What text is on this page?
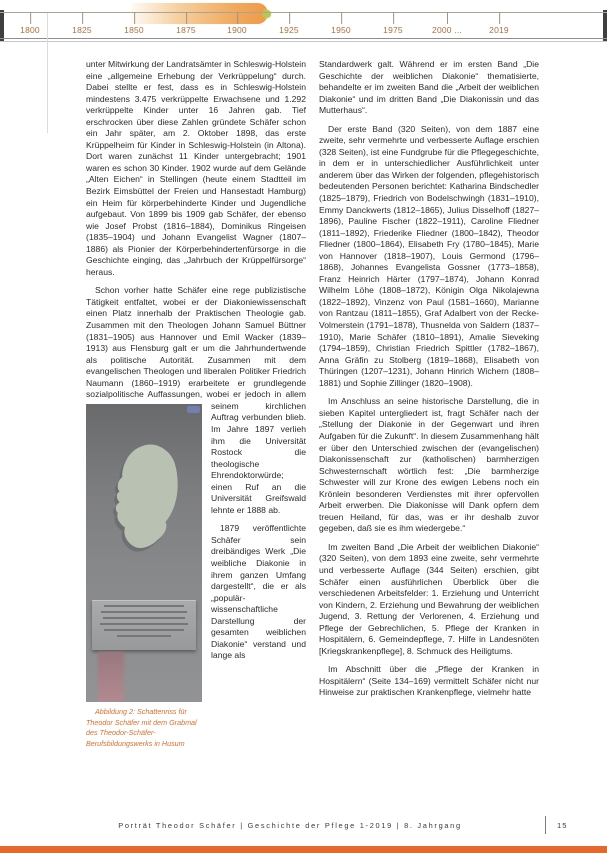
1800	1825	1850	1875	1900	1925	1950	1975	2000 ...	2019
unter Mitwirkung der Landratsämter in Schleswig-Holstein eine „allgemeine Erhebung der Verkrüppelung“ durch. Dabei stellte er fest, dass es in Schleswig-Holstein mindestens 3.475 verkrüppelte Erwachsene und 1.292 verkrüppelte Kinder unter 16 Jahren gab. Tief erschrocken über diese Zahlen gründete Schäfer schon ein Jahr später, am 2. Oktober 1898, das erste Krüppelheim für Kinder in Schleswig-Holstein (in Altona). Dort waren zunächst 11 Kinder untergebracht; 1901 waren es schon 30 Kinder. 1902 wurde auf dem Gelände „Alten Eichen“ in Stellingen (heute einem Stadtteil im Bezirk Eimsbüttel der Freien und Hansestadt Hamburg) ein Heim für körperbehinderte Kinder und Jugendliche aufgebaut. Von 1899 bis 1909 gab Schäfer, der ebenso wie Josef Probst (1816–1884), Dominikus Ringeisen (1835–1904) und Johann Evangelist Wagner (1807–1886) als Pionier der Körperbehindertenfürsorge in die Geschichte einging, das „Jahrbuch der Krüppelfürsorge“ heraus.
Schon vorher hatte Schäfer eine rege publizistische Tätigkeit entfaltet, wobei er der Diakoniewissenschaft einen Platz innerhalb der Praktischen Theologie gab. Zusammen mit den Theologen Johann Samuel Büttner (1831–1905) aus Hannover und Emil Wacker (1839–1913) aus Flensburg galt er um die Jahrhundertwende als politische Autorität. Zusammen mit dem evangelischen Theologen und liberalen Politiker Friedrich Naumann (1860–1919) erarbeitete er grundlegende sozialpolitische Auffassungen, wobei er jedoch
Abbildung 2: Schattenriss für Theodor Schäfer mit dem Grabmal des Theodor-Schäfer-Berufsbildungswerks in Husum
in allem seinem kirchlichen Auftrag verbunden blieb. Im Jahre 1897 verlieh ihm die Universität Rostock die theologische Ehrendoktorwürde; einen Ruf an die Universität Greifswald lehnte er 1888 ab.
1879 veröffentlichte Schäfer sein dreibändiges Werk „Die weibliche Diakonie in ihrem ganzen Umfang dargestellt“, die er als „populär-wissenschaftliche Darstellung der gesamten weiblichen Diakonie“ verstand und lange als
Standardwerk galt. Während er im ersten Band „Die Geschichte der weiblichen Diakonie“ thematisierte, behandelte er im zweiten Band die „Arbeit der weiblichen Diakonie“ und im dritten Band „Die Diakonissin und das Mutterhaus“.
Der erste Band (320 Seiten), von dem 1887 eine zweite, sehr vermehrte und verbesserte Auflage erschien (328 Seiten), ist eine Fundgrube für die Pflegegeschichte, in dem er in unterschiedlicher Ausführlichkeit unter anderem über das Wirken der folgenden, pflegehistorisch bedeutenden Personen berichtet: Katharina Bindschedler (1825–1879), Friedrich von Bodelschwingh (1831–1910), Emmy Danckwerts (1812–1865), Julius Disselhoff (1827–1896), Pauline Fischer (1822–1911), Caroline Fliedner (1811–1892), Friederike Fliedner (1800–1842), Theodor Fliedner (1800–1864), Elisabeth Fry (1780–1845), Marie von Hannover (1818–1907), Louis Germond (1796–1868), Johannes Evangelista Gossner (1773–1858), Franz Heinrich Härter (1797–1874), Johann Konrad Wilhelm Löhe (1808–1872), Königin Olga Nikolajewna (1822–1892), Vinzenz von Paul (1581–1660), Marianne von Rantzau (1811–1855), Graf Adalbert von der Recke-Volmerstein (1791–1878), Thusnelda von Saldern (1837–1910), Marie Schäfer (1810–1891), Amalie Sieveking (1794–1859), Christian Friedrich Spittler (1782–1867), Anna Gräfin zu Stolberg (1819–1868), Elisabeth von Thüringen (1207–1231), Johann Hinrich Wichern (1808–1881) und Sophie Zillinger (1820–1908).
Im Anschluss an seine historische Darstellung, die in sieben Kapitel untergliedert ist, fragt Schäfer nach der „Stellung der Diakonie in der Gegenwart und ihren Aufgaben für die Zukunft“. In diesem Zusammenhang hält er über den Unterschied zwischen der (evangelischen) Diakonissenschaft zur (katholischen) barmherzigen Schwesternschaft wörtlich fest: „Die barmherzige Schwester will zur Krone des ewigen Lebens noch ein Krönlein besonderen Verdienstes mit ihrer opfervollen Arbeit erwerben. Die Diakonisse will Dank opfern dem treuen Heiland, für das, was er ihr deshalb zuvor gegeben, daß sie es ihm wiedergebe.“
Im zweiten Band „Die Arbeit der weiblichen Diakonie“ (320 Seiten), von dem 1893 eine zweite, sehr vermehrte und verbesserte Auflage (344 Seiten) erschien, gibt Schäfer einen ausführlichen Überblick über die verschiedenen Arbeitsfelder: 1. Erziehung und Unterricht von Kindern, 2. Erziehung und Bewahrung der weiblichen Jugend, 3. Rettung der Verlorenen, 4. Erziehung und Pflege der Gebrechlichen, 5. Pflege der Kranken in Hospitälern, 6. Gemeindepflege, 7. Hilfe in Landesnöten [Kriegskrankenpflege], 8. Schmuck des Heiligtums.
Im Abschnitt über die „Pflege der Kranken in Hospitälern“ (Seite 134–169) vermittelt Schäfer nicht nur Hinweise zur praktischen Krankenpflege, vielmehr hatte
Porträt Theodor Schäfer | Geschichte der Pflege 1-2019 | 8. Jahrgang	15
